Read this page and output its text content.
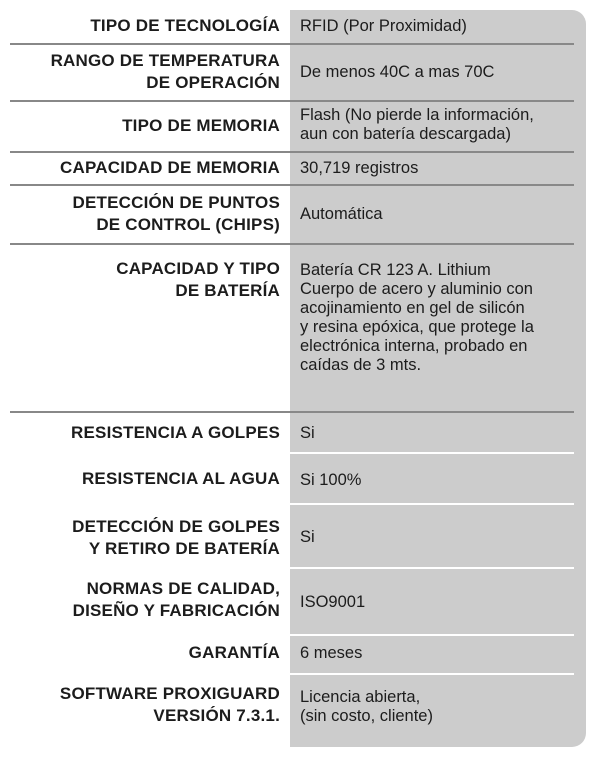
TIPO DE TECNOLOGÍA RFID (Por Proximidad)
RANGO DE TEMPERATURA
DE OPERACIÓN
De menos 40C a mas 70C
TIPO DE MEMORIA
Flash (No pierde la información,
aun con batería descargada)
CAPACIDAD DE MEMORIA 30,719 registros
DETECCIÓN DE PUNTOS
DE CONTROL (CHIPS)
Automática
CAPACIDAD Y TIPO
DE BATERÍA
Batería CR 123 A. Lithium
Cuerpo de acero y aluminio con
acojinamiento en gel de silicón
y resina epóxica, que protege la
electrónica interna, probado en
caídas de 3 mts.
RESISTENCIA A GOLPES Si
RESISTENCIA AL AGUA Si 100%
DETECCIÓN DE GOLPES
Y RETIRO DE BATERÍA
Si
NORMAS DE CALIDAD,
DISEÑO Y FABRICACIÓN ISO9001
GARANTÍA 6 meses
SOFTWARE PROXIGUARD
VERSIÓN 7.3.1.
Licencia abierta,
(sin costo, cliente)
